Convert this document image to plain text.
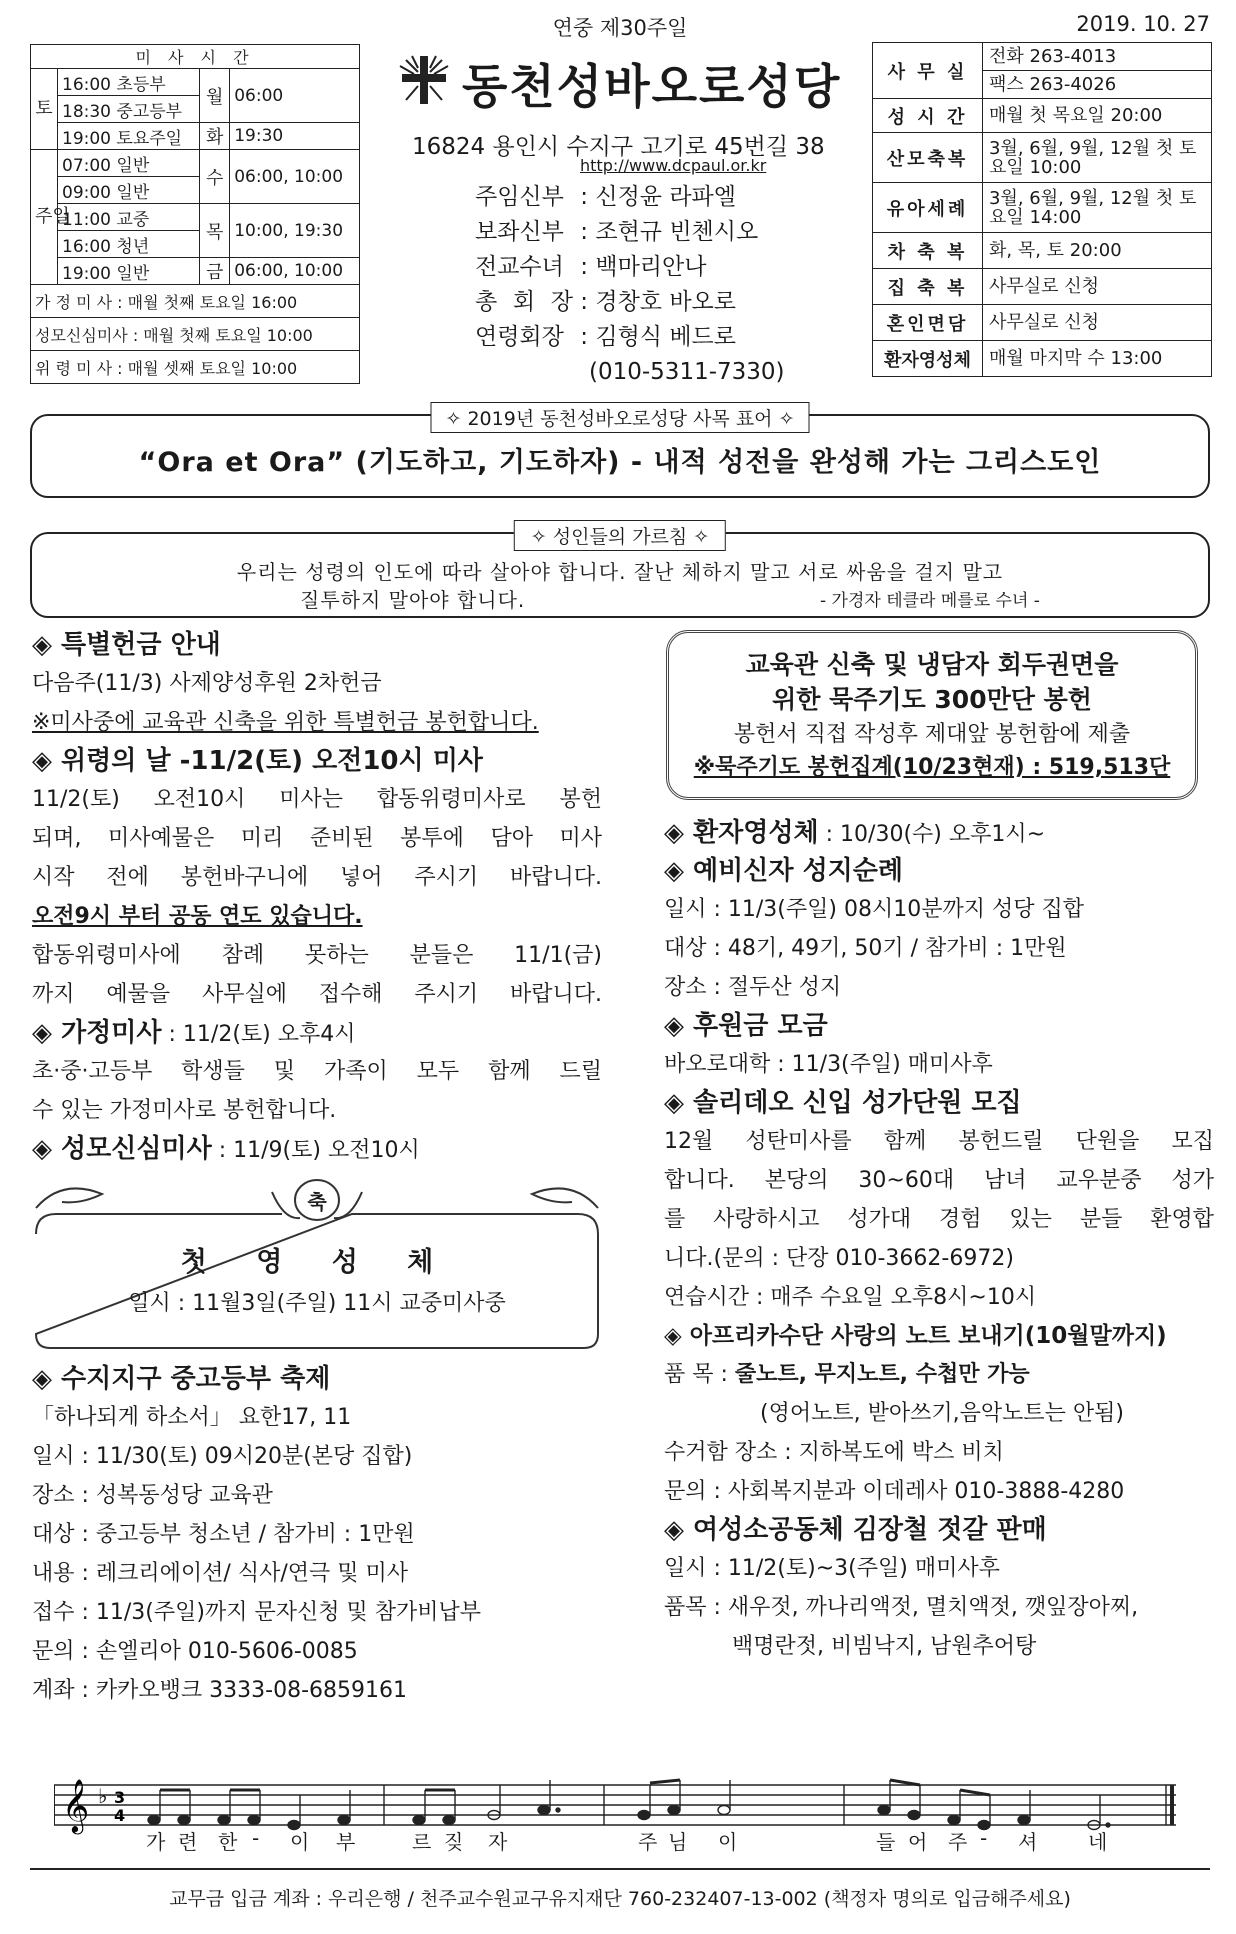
연중 제30주일	2019. 10. 27
미 사 시 간			
토	16:00 초등부	월	06:00
	18:30 중고등부		
	19:00 토요주일	화	19:30
주일	07:00 일반	수	06:00, 10:00
	09:00 일반		
	11:00 교중	목	10:00, 19:30
	16:00 청년		
	19:00 일반	금	06:00, 10:00
가 정 미 사 : 매월 첫째 토요일 16:00			
성모신심미사 : 매월 첫째 토요일 10:00			
위 령 미 사 : 매월 셋째 토요일 10:00			
동천성바오로성당
16824 용인시 수지구 고기로 45번길 38
http://www.dcpaul.or.kr
주임신부 : 신정윤 라파엘
보좌신부 : 조현규 빈첸시오
전교수녀 : 백마리안나
총 회 장 : 경창호 바오로
연령회장 : 김형식 베드로
(010-5311-7330)
사 무 실	전화 263-4013
	팩스 263-4026
성 시 간	매월 첫 목요일 20:00
산모축복	3월, 6월, 9월, 12월 첫 토요일 10:00
유아세례	3월, 6월, 9월, 12월 첫 토요일 14:00
차 축 복	화, 목, 토 20:00
집 축 복	사무실로 신청
혼인면담	사무실로 신청
환자영성체	매월 마지막 수 13:00
✧ 2019년 동천성바오로성당 사목 표어 ✧
“Ora et Ora” (기도하고, 기도하자) - 내적 성전을 완성해 가는 그리스도인
✧ 성인들의 가르침 ✧
우리는 성령의 인도에 따라 살아야 합니다. 잘난 체하지 말고 서로 싸움을 걸지 말고
질투하지 말아야 합니다.	- 가경자 테클라 메를로 수녀 -
◈ 특별헌금 안내
다음주(11/3) 사제양성후원 2차헌금
※미사중에 교육관 신축을 위한 특별헌금 봉헌합니다.
◈ 위령의 날 -11/2(토) 오전10시 미사
11/2(토) 오전10시 미사는 합동위령미사로 봉헌
되며, 미사예물은 미리 준비된 봉투에 담아 미사
시작 전에 봉헌바구니에 넣어 주시기 바랍니다.
오전9시 부터 공동 연도 있습니다.
합동위령미사에 참례 못하는 분들은 11/1(금)
까지 예물을 사무실에 접수해 주시기 바랍니다.
◈ 가정미사 : 11/2(토) 오후4시
초·중·고등부 학생들 및 가족이 모두 함께 드릴
수 있는 가정미사로 봉헌합니다.
◈ 성모신심미사 : 11/9(토) 오전10시
축
첫 영 성 체
일시 : 11월3일(주일) 11시 교중미사중
◈ 수지지구 중고등부 축제
「하나되게 하소서」 요한17, 11
일시 : 11/30(토) 09시20분(본당 집합)
장소 : 성복동성당 교육관
대상 : 중고등부 청소년 / 참가비 : 1만원
내용 : 레크리에이션/ 식사/연극 및 미사
접수 : 11/3(주일)까지 문자신청 및 참가비납부
문의 : 손엘리아 010-5606-0085
계좌 : 카카오뱅크 3333-08-6859161
교육관 신축 및 냉담자 회두권면을
위한 묵주기도 300만단 봉헌
봉헌서 직접 작성후 제대앞 봉헌함에 제출
※묵주기도 봉헌집계(10/23현재) : 519,513단
◈ 환자영성체 : 10/30(수) 오후1시~
◈ 예비신자 성지순례
일시 : 11/3(주일) 08시10분까지 성당 집합
대상 : 48기, 49기, 50기 / 참가비 : 1만원
장소 : 절두산 성지
◈ 후원금 모금
바오로대학 : 11/3(주일) 매미사후
◈ 솔리데오 신입 성가단원 모집
12월 성탄미사를 함께 봉헌드릴 단원을 모집
합니다. 본당의 30~60대 남녀 교우분중 성가
를 사랑하시고 성가대 경험 있는 분들 환영합
니다.(문의 : 단장 010-3662-6972)
연습시간 : 매주 수요일 오후8시~10시
◈ 아프리카수단 사랑의 노트 보내기(10월말까지)
품 목 : 줄노트, 무지노트, 수첩만 가능
(영어노트, 받아쓰기,음악노트는 안됨)
수거함 장소 : 지하복도에 박스 비치
문의 : 사회복지분과 이데레사 010-3888-4280
◈ 여성소공동체 김장철 젓갈 판매
일시 : 11/2(토)~3(주일) 매미사후
품목 : 새우젓, 까나리액젓, 멸치액젓, 깻잎장아찌,
백명란젓, 비빔낙지, 남원추어탕
𝄞 ♭ 3
4
가 련 한 - 이 부	르 짖 자	주 님 이	들 어 주 - 셔 네
교무금 입금 계좌 : 우리은행 / 천주교수원교구유지재단 760-232407-13-002 (책정자 명의로 입금해주세요)
